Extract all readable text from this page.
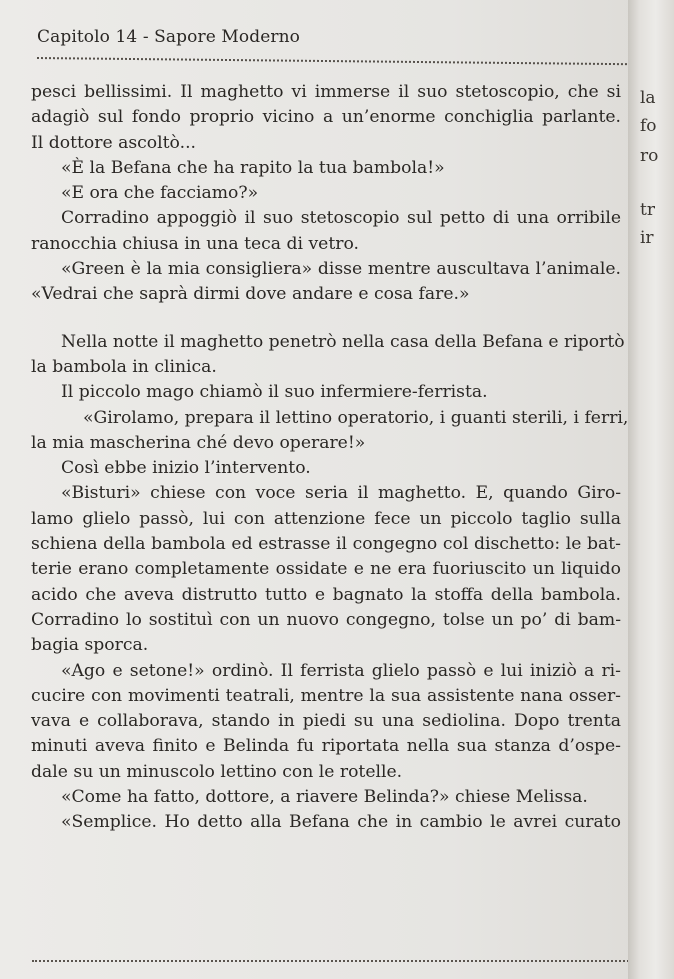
Capitolo 14 - Sapore Moderno
pesci bellissimi. Il maghetto vi immerse il suo stetoscopio, che si
adagiò sul fondo proprio vicino a un’enorme conchiglia parlante.
Il dottore ascoltò...
«È la Befana che ha rapito la tua bambola!»
«E ora che facciamo?»
Corradino appoggiò il suo stetoscopio sul petto di una orribile
ranocchia chiusa in una teca di vetro.
«Green è la mia consigliera» disse mentre auscultava l’animale.
«Vedrai che saprà dirmi dove andare e cosa fare.»
Nella notte il maghetto penetrò nella casa della Befana e riportò
la bambola in clinica.
Il piccolo mago chiamò il suo infermiere-ferrista.
«Girolamo, prepara il lettino operatorio, i guanti sterili, i ferri,
la mia mascherina ché devo operare!»
Così ebbe inizio l’intervento.
«Bisturi» chiese con voce seria il maghetto. E, quando Giro-
lamo glielo passò, lui con attenzione fece un piccolo taglio sulla
schiena della bambola ed estrasse il congegno col dischetto: le bat-
terie erano completamente ossidate e ne era fuoriuscito un liquido
acido che aveva distrutto tutto e bagnato la stoffa della bambola.
Corradino lo sostituì con un nuovo congegno, tolse un po’ di bam-
bagia sporca.
«Ago e setone!» ordinò. Il ferrista glielo passò e lui iniziò a ri-
cucire con movimenti teatrali, mentre la sua assistente nana osser-
vava e collaborava, stando in piedi su una sediolina. Dopo trenta
minuti aveva finito e Belinda fu riportata nella sua stanza d’ospe-
dale su un minuscolo lettino con le rotelle.
«Come ha fatto, dottore, a riavere Belinda?» chiese Melissa.
«Semplice. Ho detto alla Befana che in cambio le avrei curato
la
fo
ro
tr
ir
